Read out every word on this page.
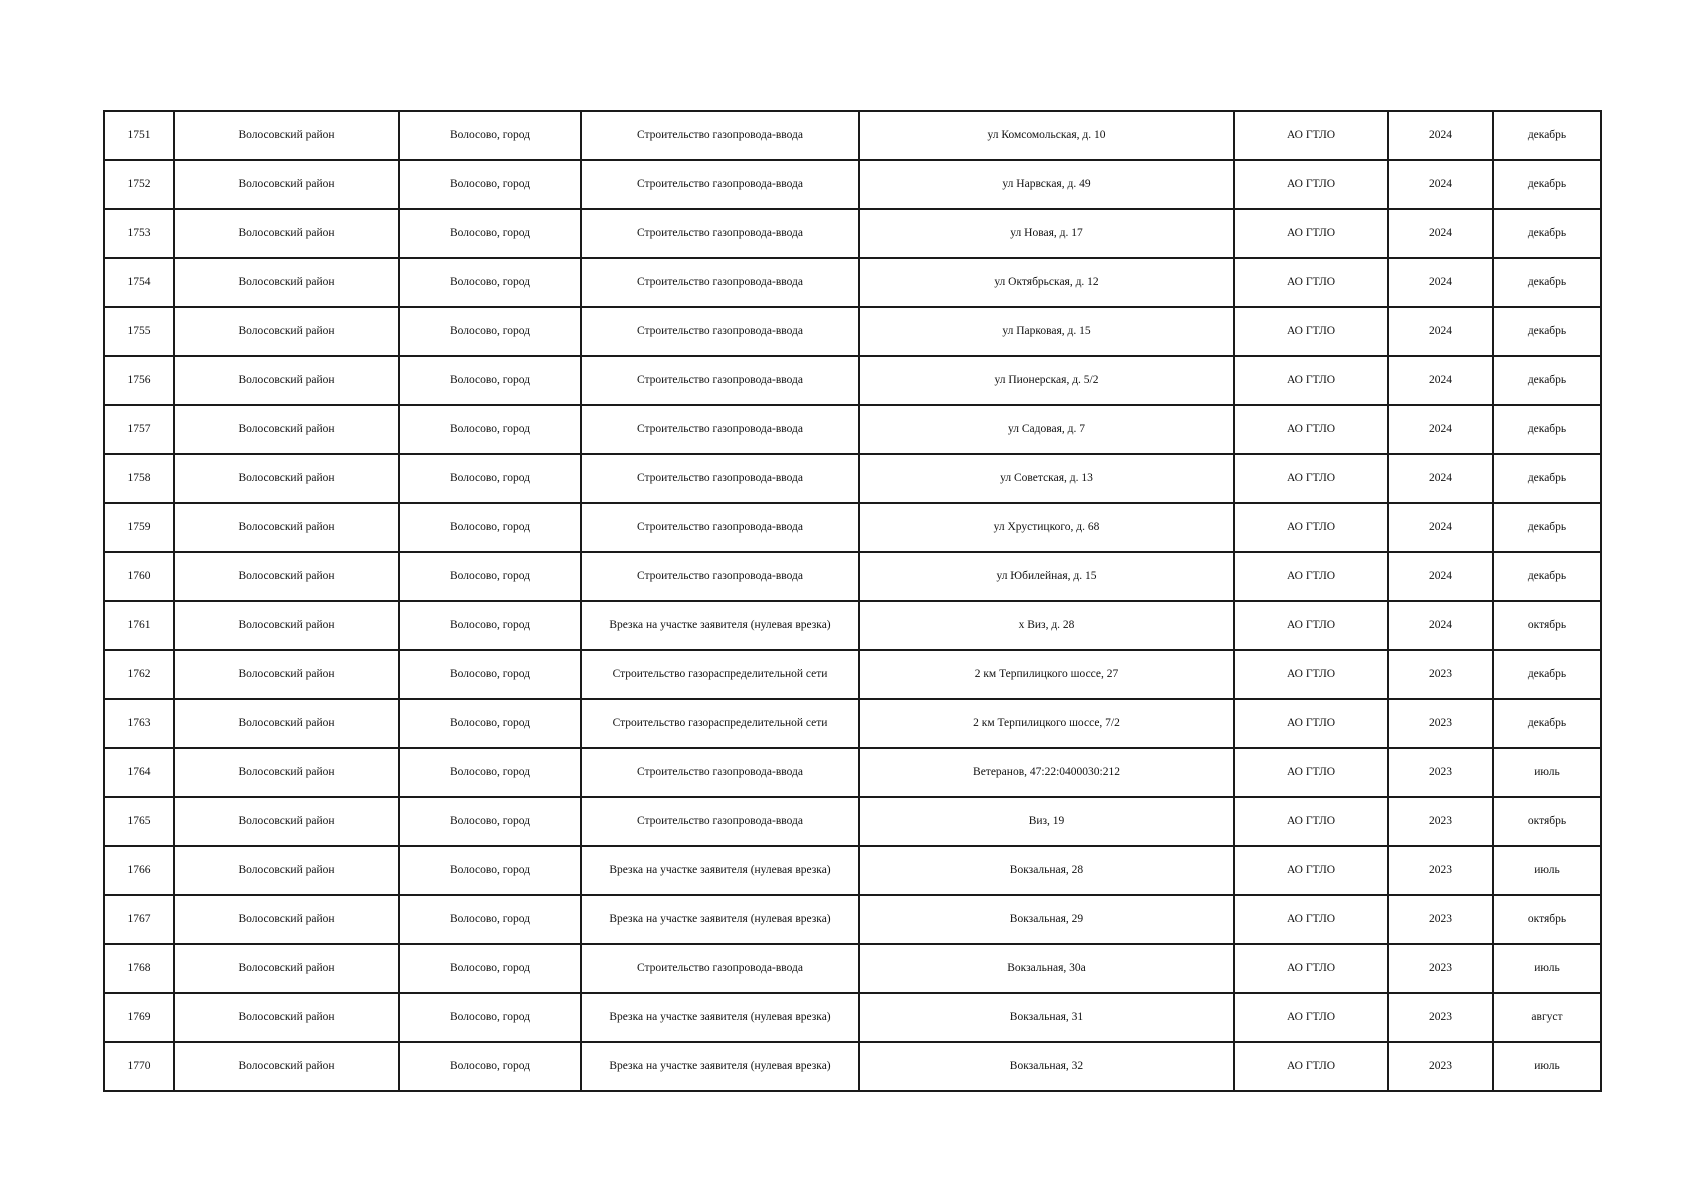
1751	Волосовский район	Волосово, город	Строительство газопровода-ввода	ул Комсомольская, д. 10	АО ГТЛО	2024	декабрь
1752	Волосовский район	Волосово, город	Строительство газопровода-ввода	ул Нарвская, д. 49	АО ГТЛО	2024	декабрь
1753	Волосовский район	Волосово, город	Строительство газопровода-ввода	ул Новая, д. 17	АО ГТЛО	2024	декабрь
1754	Волосовский район	Волосово, город	Строительство газопровода-ввода	ул Октябрьская, д. 12	АО ГТЛО	2024	декабрь
1755	Волосовский район	Волосово, город	Строительство газопровода-ввода	ул Парковая, д. 15	АО ГТЛО	2024	декабрь
1756	Волосовский район	Волосово, город	Строительство газопровода-ввода	ул Пионерская, д. 5/2	АО ГТЛО	2024	декабрь
1757	Волосовский район	Волосово, город	Строительство газопровода-ввода	ул Садовая, д. 7	АО ГТЛО	2024	декабрь
1758	Волосовский район	Волосово, город	Строительство газопровода-ввода	ул Советская, д. 13	АО ГТЛО	2024	декабрь
1759	Волосовский район	Волосово, город	Строительство газопровода-ввода	ул Хрустицкого, д. 68	АО ГТЛО	2024	декабрь
1760	Волосовский район	Волосово, город	Строительство газопровода-ввода	ул Юбилейная, д. 15	АО ГТЛО	2024	декабрь
1761	Волосовский район	Волосово, город	Врезка на участке заявителя (нулевая врезка)	х Виз, д. 28	АО ГТЛО	2024	октябрь
1762	Волосовский район	Волосово, город	Строительство газораспределительной сети	2 км Терпилицкого шоссе, 27	АО ГТЛО	2023	декабрь
1763	Волосовский район	Волосово, город	Строительство газораспределительной сети	2 км Терпилицкого шоссе, 7/2	АО ГТЛО	2023	декабрь
1764	Волосовский район	Волосово, город	Строительство газопровода-ввода	Ветеранов, 47:22:0400030:212	АО ГТЛО	2023	июль
1765	Волосовский район	Волосово, город	Строительство газопровода-ввода	Виз, 19	АО ГТЛО	2023	октябрь
1766	Волосовский район	Волосово, город	Врезка на участке заявителя (нулевая врезка)	Вокзальная, 28	АО ГТЛО	2023	июль
1767	Волосовский район	Волосово, город	Врезка на участке заявителя (нулевая врезка)	Вокзальная, 29	АО ГТЛО	2023	октябрь
1768	Волосовский район	Волосово, город	Строительство газопровода-ввода	Вокзальная, 30а	АО ГТЛО	2023	июль
1769	Волосовский район	Волосово, город	Врезка на участке заявителя (нулевая врезка)	Вокзальная, 31	АО ГТЛО	2023	август
1770	Волосовский район	Волосово, город	Врезка на участке заявителя (нулевая врезка)	Вокзальная, 32	АО ГТЛО	2023	июль
